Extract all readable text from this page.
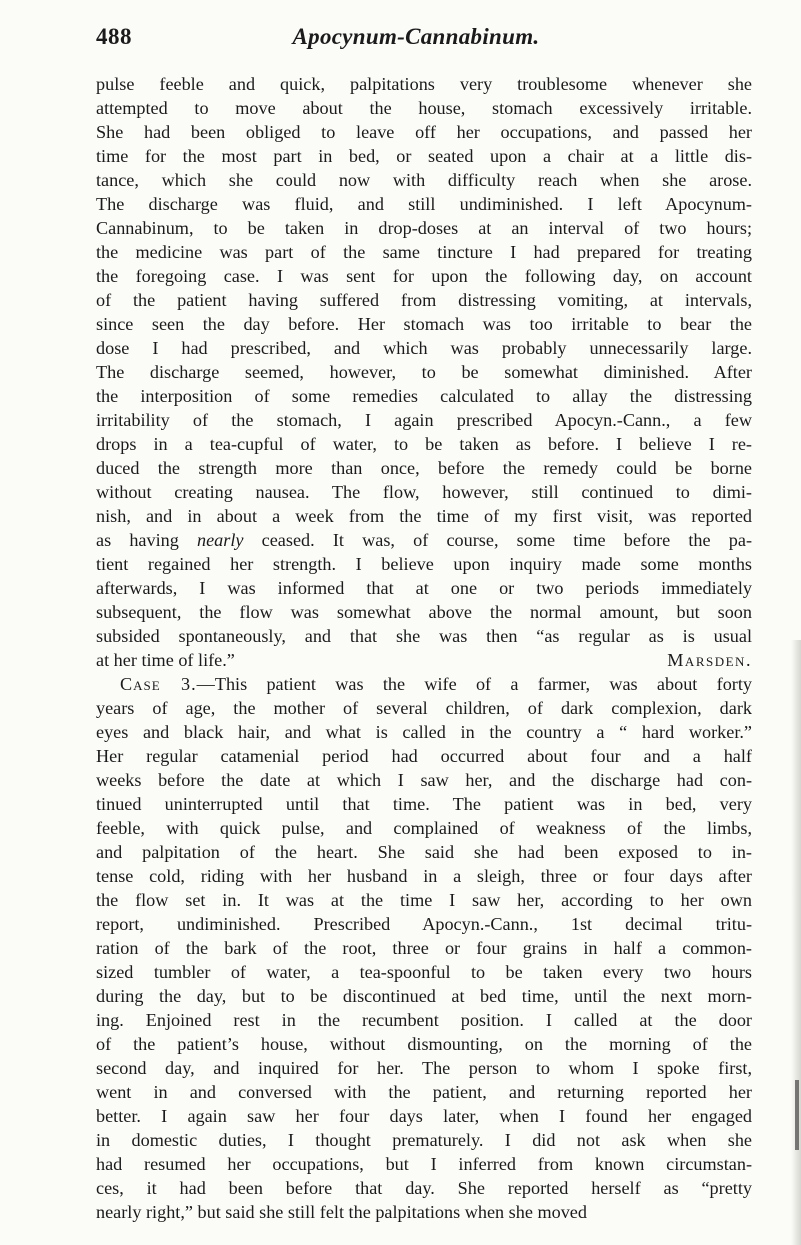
488	Apocynum-Cannabinum.
pulse feeble and quick, palpitations very troublesome whenever she
attempted to move about the house, stomach excessively irritable.
She had been obliged to leave off her occupations, and passed her
time for the most part in bed, or seated upon a chair at a little dis-
tance, which she could now with difficulty reach when she arose.
The discharge was fluid, and still undiminished. I left Apocynum-
Cannabinum, to be taken in drop-doses at an interval of two hours;
the medicine was part of the same tincture I had prepared for treating
the foregoing case. I was sent for upon the following day, on account
of the patient having suffered from distressing vomiting, at intervals,
since seen the day before. Her stomach was too irritable to bear the
dose I had prescribed, and which was probably unnecessarily large.
The discharge seemed, however, to be somewhat diminished. After
the interposition of some remedies calculated to allay the distressing
irritability of the stomach, I again prescribed Apocyn.-Cann., a few
drops in a tea-cupful of water, to be taken as before. I believe I re-
duced the strength more than once, before the remedy could be borne
without creating nausea. The flow, however, still continued to dimi-
nish, and in about a week from the time of my first visit, was reported
as having nearly ceased. It was, of course, some time before the pa-
tient regained her strength. I believe upon inquiry made some months
afterwards, I was informed that at one or two periods immediately
subsequent, the flow was somewhat above the normal amount, but soon
subsided spontaneously, and that she was then “as regular as is usual
at her time of life.”	Marsden.
Case 3.—This patient was the wife of a farmer, was about forty
years of age, the mother of several children, of dark complexion, dark
eyes and black hair, and what is called in the country a “ hard worker.”
Her regular catamenial period had occurred about four and a half
weeks before the date at which I saw her, and the discharge had con-
tinued uninterrupted until that time. The patient was in bed, very
feeble, with quick pulse, and complained of weakness of the limbs,
and palpitation of the heart. She said she had been exposed to in-
tense cold, riding with her husband in a sleigh, three or four days after
the flow set in. It was at the time I saw her, according to her own
report, undiminished. Prescribed Apocyn.-Cann., 1st decimal tritu-
ration of the bark of the root, three or four grains in half a common-
sized tumbler of water, a tea-spoonful to be taken every two hours
during the day, but to be discontinued at bed time, until the next morn-
ing. Enjoined rest in the recumbent position. I called at the door
of the patient’s house, without dismounting, on the morning of the
second day, and inquired for her. The person to whom I spoke first,
went in and conversed with the patient, and returning reported her
better. I again saw her four days later, when I found her engaged
in domestic duties, I thought prematurely. I did not ask when she
had resumed her occupations, but I inferred from known circumstan-
ces, it had been before that day. She reported herself as “pretty
nearly right,” but said she still felt the palpitations when she moved
